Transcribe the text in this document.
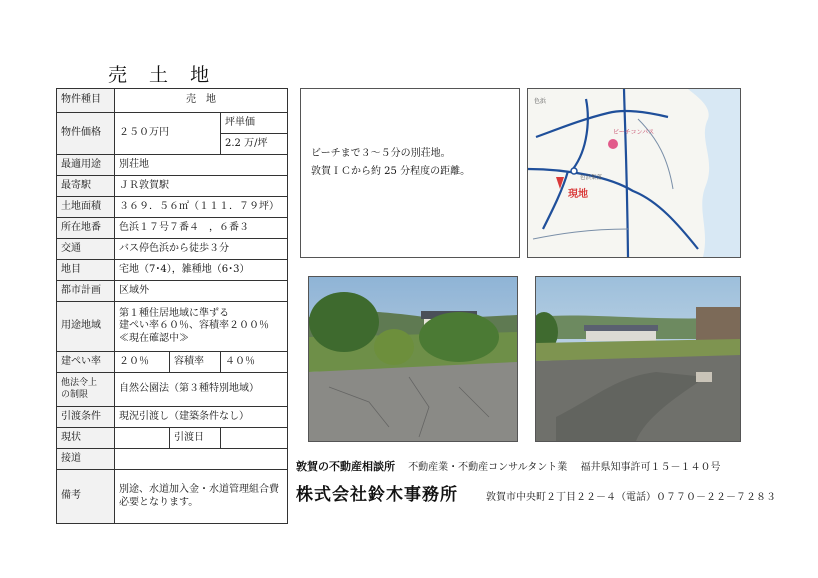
売 土 地
物件種目	売　地		
物件価格	２５０万円		坪単価
			2.2 万/坪
最適用途	別荘地		
最寄駅	ＪＲ敦賀駅		
土地面積	３６９．５６㎡（１１１．７９坪）		
所在地番	色浜１７号７番４　，６番３		
交通	バス停色浜から徒歩３分		
地目	宅地（7･4），雑種地（6･3）		
都市計画	区域外		
用途地域	第１種住居地域に準ずる
建ぺい率６０％、容積率２００％
≪現在確認中≫		

建ぺい率	２０％	容積率	４０％

他法令上
の制限	自然公園法（第３種特別地域）		
引渡条件	現況引渡し（建築条件なし）		
現状		引渡日	
接道			
備考	別途、水道加入金・水道管理組合費
必要となります。		
ビーチまで３～５分の別荘地。
敦賀ＩＣから約 25 分程度の距離。
ビーチコンパス
色浜集落
現地
色浜
敦賀の不動産相談所 不動産業・不動産コンサルタント業 福井県知事許可１５－１４０号
株式会社鈴木事務所	敦賀市中央町２丁目２２－４（電話）０７７０－２２－７２８３
